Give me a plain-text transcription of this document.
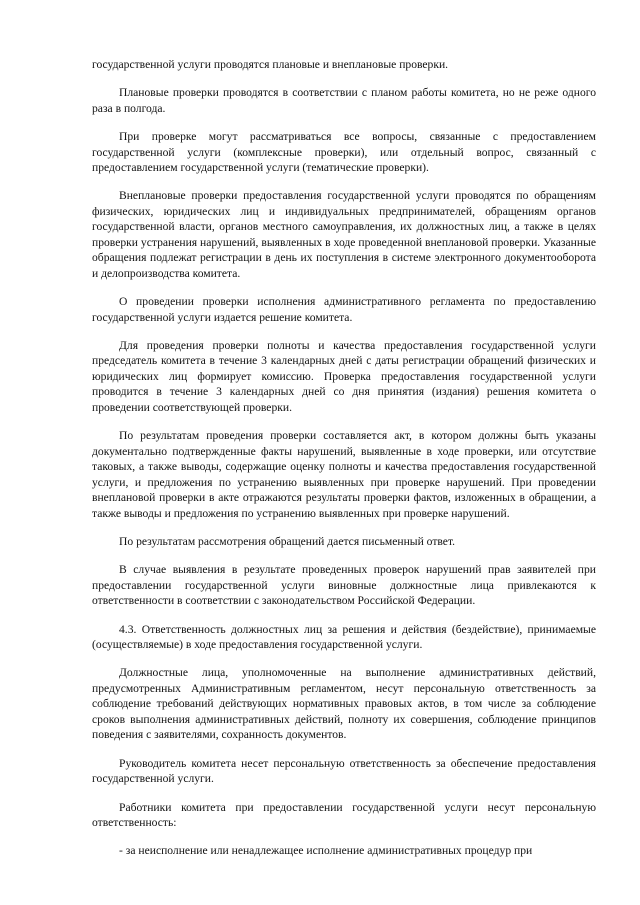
государственной услуги проводятся плановые и внеплановые проверки.

Плановые проверки проводятся в соответствии с планом работы комитета, но не реже одного раза в полгода.

При проверке могут рассматриваться все вопросы, связанные с предоставлением государственной услуги (комплексные проверки), или отдельный вопрос, связанный с предоставлением государственной услуги (тематические проверки).

Внеплановые проверки предоставления государственной услуги проводятся по обращениям физических, юридических лиц и индивидуальных предпринимателей, обращениям органов государственной власти, органов местного самоуправления, их должностных лиц, а также в целях проверки устранения нарушений, выявленных в ходе проведенной внеплановой проверки. Указанные обращения подлежат регистрации в день их поступления в системе электронного документооборота и делопроизводства комитета.

О проведении проверки исполнения административного регламента по предоставлению государственной услуги издается решение комитета.

Для проведения проверки полноты и качества предоставления государственной услуги председатель комитета в течение 3 календарных дней с даты регистрации обращений физических и юридических лиц формирует комиссию. Проверка предоставления государственной услуги проводится в течение 3 календарных дней со дня принятия (издания) решения комитета о проведении соответствующей проверки.

По результатам проведения проверки составляется акт, в котором должны быть указаны документально подтвержденные факты нарушений, выявленные в ходе проверки, или отсутствие таковых, а также выводы, содержащие оценку полноты и качества предоставления государственной услуги, и предложения по устранению выявленных при проверке нарушений. При проведении внеплановой проверки в акте отражаются результаты проверки фактов, изложенных в обращении, а также выводы и предложения по устранению выявленных при проверке нарушений.

По результатам рассмотрения обращений дается письменный ответ.

В случае выявления в результате проведенных проверок нарушений прав заявителей при предоставлении государственной услуги виновные должностные лица привлекаются к ответственности в соответствии с законодательством Российской Федерации.

4.3. Ответственность должностных лиц за решения и действия (бездействие), принимаемые (осуществляемые) в ходе предоставления государственной услуги.

Должностные лица, уполномоченные на выполнение административных действий, предусмотренных Административным регламентом, несут персональную ответственность за соблюдение требований действующих нормативных правовых актов, в том числе за соблюдение сроков выполнения административных действий, полноту их совершения, соблюдение принципов поведения с заявителями, сохранность документов.

Руководитель комитета несет персональную ответственность за обеспечение предоставления государственной услуги.

Работники комитета при предоставлении государственной услуги несут персональную ответственность:

- за неисполнение или ненадлежащее исполнение административных процедур при
